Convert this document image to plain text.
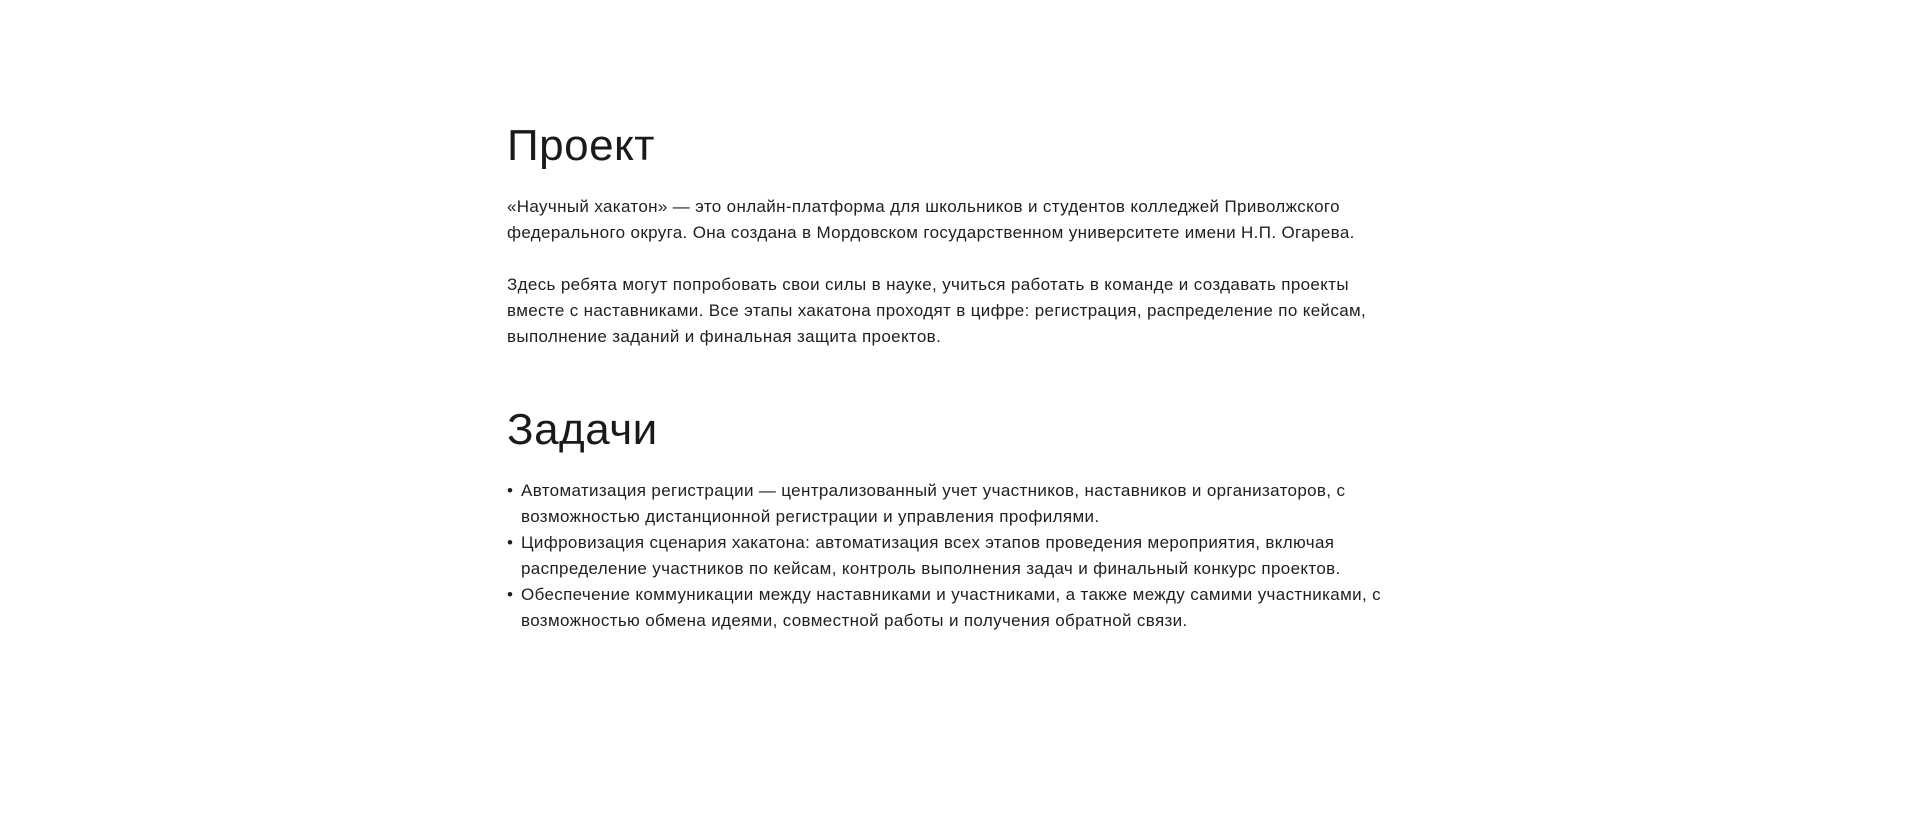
Проект

«Научный хакатон» — это онлайн-платформа для школьников и студентов колледжей Приволжского федерального округа. Она создана в Мордовском государственном университете имени Н.П. Огарева.

Здесь ребята могут попробовать свои силы в науке, учиться работать в команде и создавать проекты вместе с наставниками. Все этапы хакатона проходят в цифре: регистрация, распределение по кейсам, выполнение заданий и финальная защита проектов.

Задачи
• Автоматизация регистрации — централизованный учет участников, наставников и организаторов, с возможностью дистанционной регистрации и управления профилями.
• Цифровизация сценария хакатона: автоматизация всех этапов проведения мероприятия, включая распределение участников по кейсам, контроль выполнения задач и финальный конкурс проектов.
• Обеспечение коммуникации между наставниками и участниками, а также между самими участниками, с возможностью обмена идеями, совместной работы и получения обратной связи.
